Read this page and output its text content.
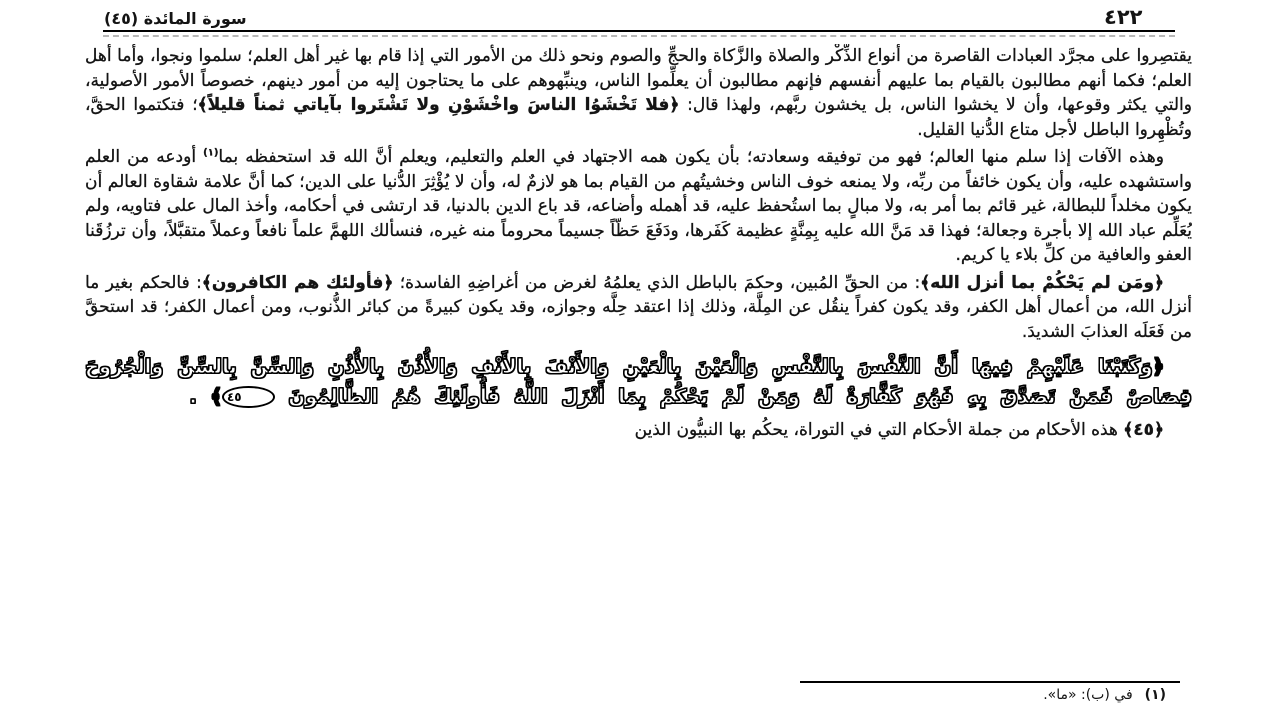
سورة المائدة (٤٥)	٤٢٢

يقتصِروا على مجرَّد العبادات القاصرة من أنواع الذِّكْر والصلاة والزَّكاة والحجِّ والصوم ونحو ذلك من الأمور التي إذا قام بها غير أهل العلم؛ سلموا ونجوا، وأما أهل العلم؛ فكما أنهم مطالبون بالقيام بما عليهم أنفسهم فإنهم مطالبون أن يعلِّموا الناس، وينبِّهوهم على ما يحتاجون إليه من أمور دينهم، خصوصاً الأمور الأصولية، والتي يكثر وقوعها، وأن لا يخشوا الناس، بل يخشون ربَّهم، ولهذا قال: ﴿فلا تَخْشَوُا الناسَ واخْشَوْنِ ولا تَشْتَروا بآياتي ثمناً قليلاً﴾؛ فتكتموا الحقَّ، وتُظْهِروا الباطل لأجل متاع الدُّنيا القليل.

وهذه الآفات إذا سلم منها العالم؛ فهو من توفيقه وسعادته؛ بأن يكون همه الاجتهاد في العلم والتعليم، ويعلم أنَّ الله قد استحفظه بما$^{(١)}$ أودعه من العلم واستشهده عليه، وأن يكون خائفاً من ربِّه، ولا يمنعه خوف الناس وخشيتُهم من القيام بما هو لازمٌ له، وأن لا يُؤْثِرَ الدُّنيا على الدين؛ كما أنَّ علامة شقاوة العالم أن يكون مخلداً للبطالة، غير قائم بما أمر به، ولا مبالٍ بما استُحفظ عليه، قد أهمله وأضاعه، قد باع الدين بالدنيا، قد ارتشى في أحكامه، وأخذ المال على فتاويه، ولم يُعَلِّم عباد الله إلا بأجرة وجعالة؛ فهذا قد مَنَّ الله عليه بِمِنَّةٍ عظيمة كَفَرها، ودَفَعَ حَظّاً جسيماً محروماً منه غيره، فنسألك اللهمَّ علماً نافعاً وعملاً متقبَّلاً، وأن ترزُقَنا العفو والعافية من كلِّ بلاء يا كريم.

﴿ومَن لم يَحْكُمْ بما أنزل الله﴾: من الحقِّ المُبين، وحكمَ بالباطل الذي يعلمُهُ لغرض من أغراضِهِ الفاسدة؛ ﴿فأولئك هم الكافرون﴾: فالحكم بغير ما أنزل الله، من أعمال أهل الكفر، وقد يكون كفراً ينقُل عن المِلَّة، وذلك إذا اعتقد حِلَّه وجوازه، وقد يكون كبيرةً من كبائر الذُّنوب، ومن أعمال الكفر؛ قد استحقَّ من فَعَلَه العذابَ الشديدَ.

﴿وَكَتَبْنَا عَلَيْهِمْ فِيهَا أَنَّ النَّفْسَ بِالنَّفْسِ وَالْعَيْنَ بِالْعَيْنِ وَالأَنْفَ بِالأَنْفِ وَالأُذُنَ بِالأُذُنِ وَالسِّنَّ بِالسِّنِّ وَالْجُرُوحَ قِصَاصٌ فَمَنْ تَصَدَّقَ بِهِ فَهُوَ كَفَّارَةٌ لَهُ وَمَنْ لَمْ يَحْكُمْ بِمَا أَنْزَلَ اللَّهُ فَأُولَئِكَ هُمُ الظَّالِمُونَ ٤٥﴾ .

﴿٤٥﴾ هذه الأحكام من جملة الأحكام التي في التوراة، يحكُم بها النبيُّون الذين

(١)في (ب): «ما».
